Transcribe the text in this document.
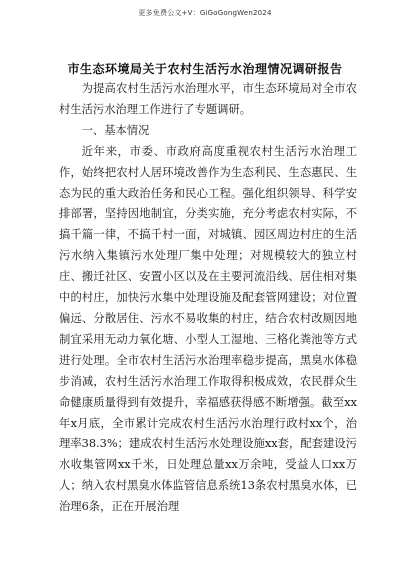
更多免费公文+V：GiGoGongWen2024
市生态环境局关于农村生活污水治理情况调研报告

为提高农村生活污水治理水平，市生态环境局对全市农村生活污水治理工作进行了专题调研。

一、基本情况

近年来，市委、市政府高度重视农村生活污水治理工作，始终把农村人居环境改善作为生态利民、生态惠民、生态为民的重大政治任务和民心工程。强化组织领导、科学安排部署，坚持因地制宜，分类实施，充分考虑农村实际，不搞千篇一律，不搞千村一面，对城镇、园区周边村庄的生活污水纳入集镇污水处理厂集中处理；对规模较大的独立村庄、搬迁社区、安置小区以及在主要河流沿线、居住相对集中的村庄，加快污水集中处理设施及配套管网建设；对位置偏远、分散居住、污水不易收集的村庄，结合农村改厕因地制宜采用无动力氧化塘、小型人工湿地、三格化粪池等方式进行处理。全市农村生活污水治理率稳步提高，黑臭水体稳步消减，农村生活污水治理工作取得积极成效，农民群众生命健康质量得到有效提升，幸福感获得感不断增强。截至xx年x月底，全市累计完成农村生活污水治理行政村xx个，治理率38.3%；建成农村生活污水处理设施xx套，配套建设污水收集管网xx千米，日处理总量xx万余吨，受益人口xx万人；纳入农村黑臭水体监管信息系统13条农村黑臭水体，已治理6条，正在开展治理
